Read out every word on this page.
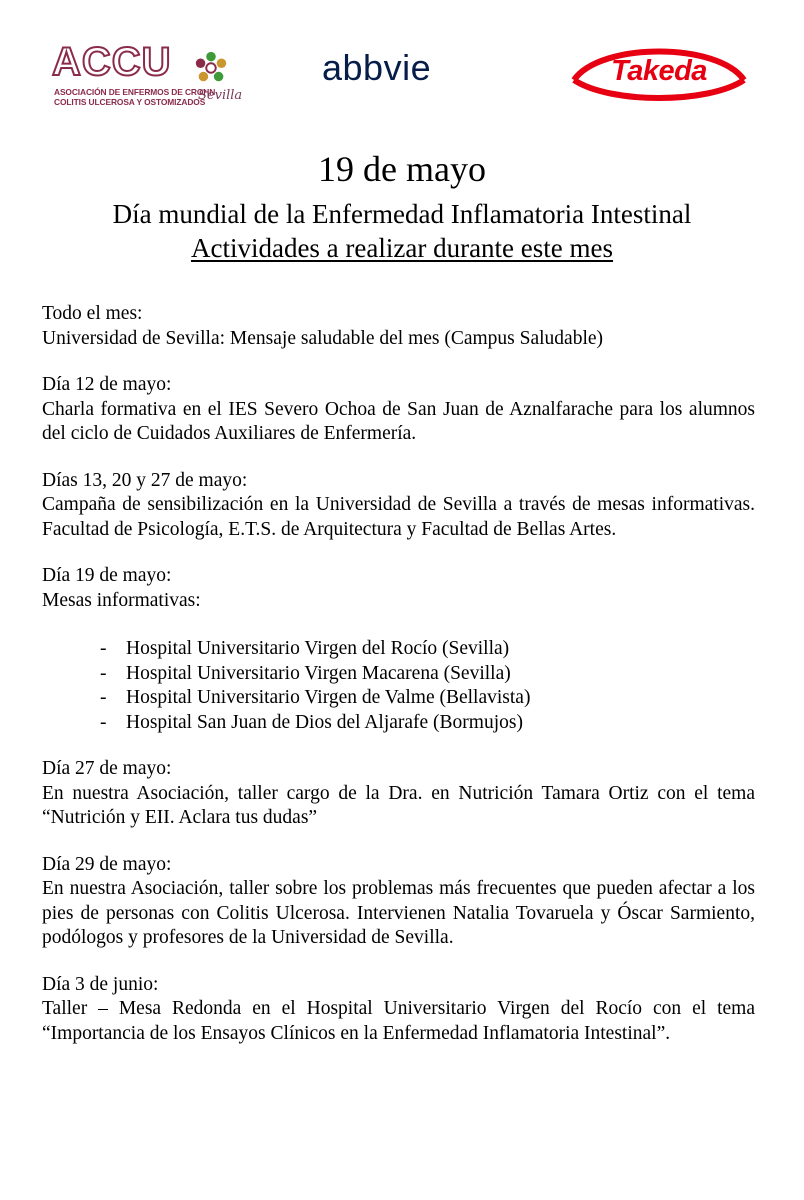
ACCU
ASOCIACIÓN DE ENFERMOS DE CROHN
COLITIS ULCEROSA Y OSTOMIZADOS
Sevilla
abbvie	Takeda
19 de mayo
Día mundial de la Enfermedad Inflamatoria Intestinal
Actividades a realizar durante este mes
Todo el mes:
Universidad de Sevilla: Mensaje saludable del mes (Campus Saludable)
Día 12 de mayo:
Charla formativa en el IES Severo Ochoa de San Juan de Aznalfarache para los alumnos del ciclo de Cuidados Auxiliares de Enfermería.
Días 13, 20 y 27 de mayo:
Campaña de sensibilización en la Universidad de Sevilla a través de mesas informativas. Facultad de Psicología, E.T.S. de Arquitectura y Facultad de Bellas Artes.
Día 19 de mayo:
Mesas informativas:
- Hospital Universitario Virgen del Rocío (Sevilla)
- Hospital Universitario Virgen Macarena (Sevilla)
- Hospital Universitario Virgen de Valme (Bellavista)
- Hospital San Juan de Dios del Aljarafe (Bormujos)
Día 27 de mayo:
En nuestra Asociación, taller cargo de la Dra. en Nutrición Tamara Ortiz con el tema “Nutrición y EII. Aclara tus dudas”
Día 29 de mayo:
En nuestra Asociación, taller sobre los problemas más frecuentes que pueden afectar a los pies de personas con Colitis Ulcerosa. Intervienen Natalia Tovaruela y Óscar Sarmiento, podólogos y profesores de la Universidad de Sevilla.
Día 3 de junio:
Taller – Mesa Redonda en el Hospital Universitario Virgen del Rocío con el tema “Importancia de los Ensayos Clínicos en la Enfermedad Inflamatoria Intestinal”.
